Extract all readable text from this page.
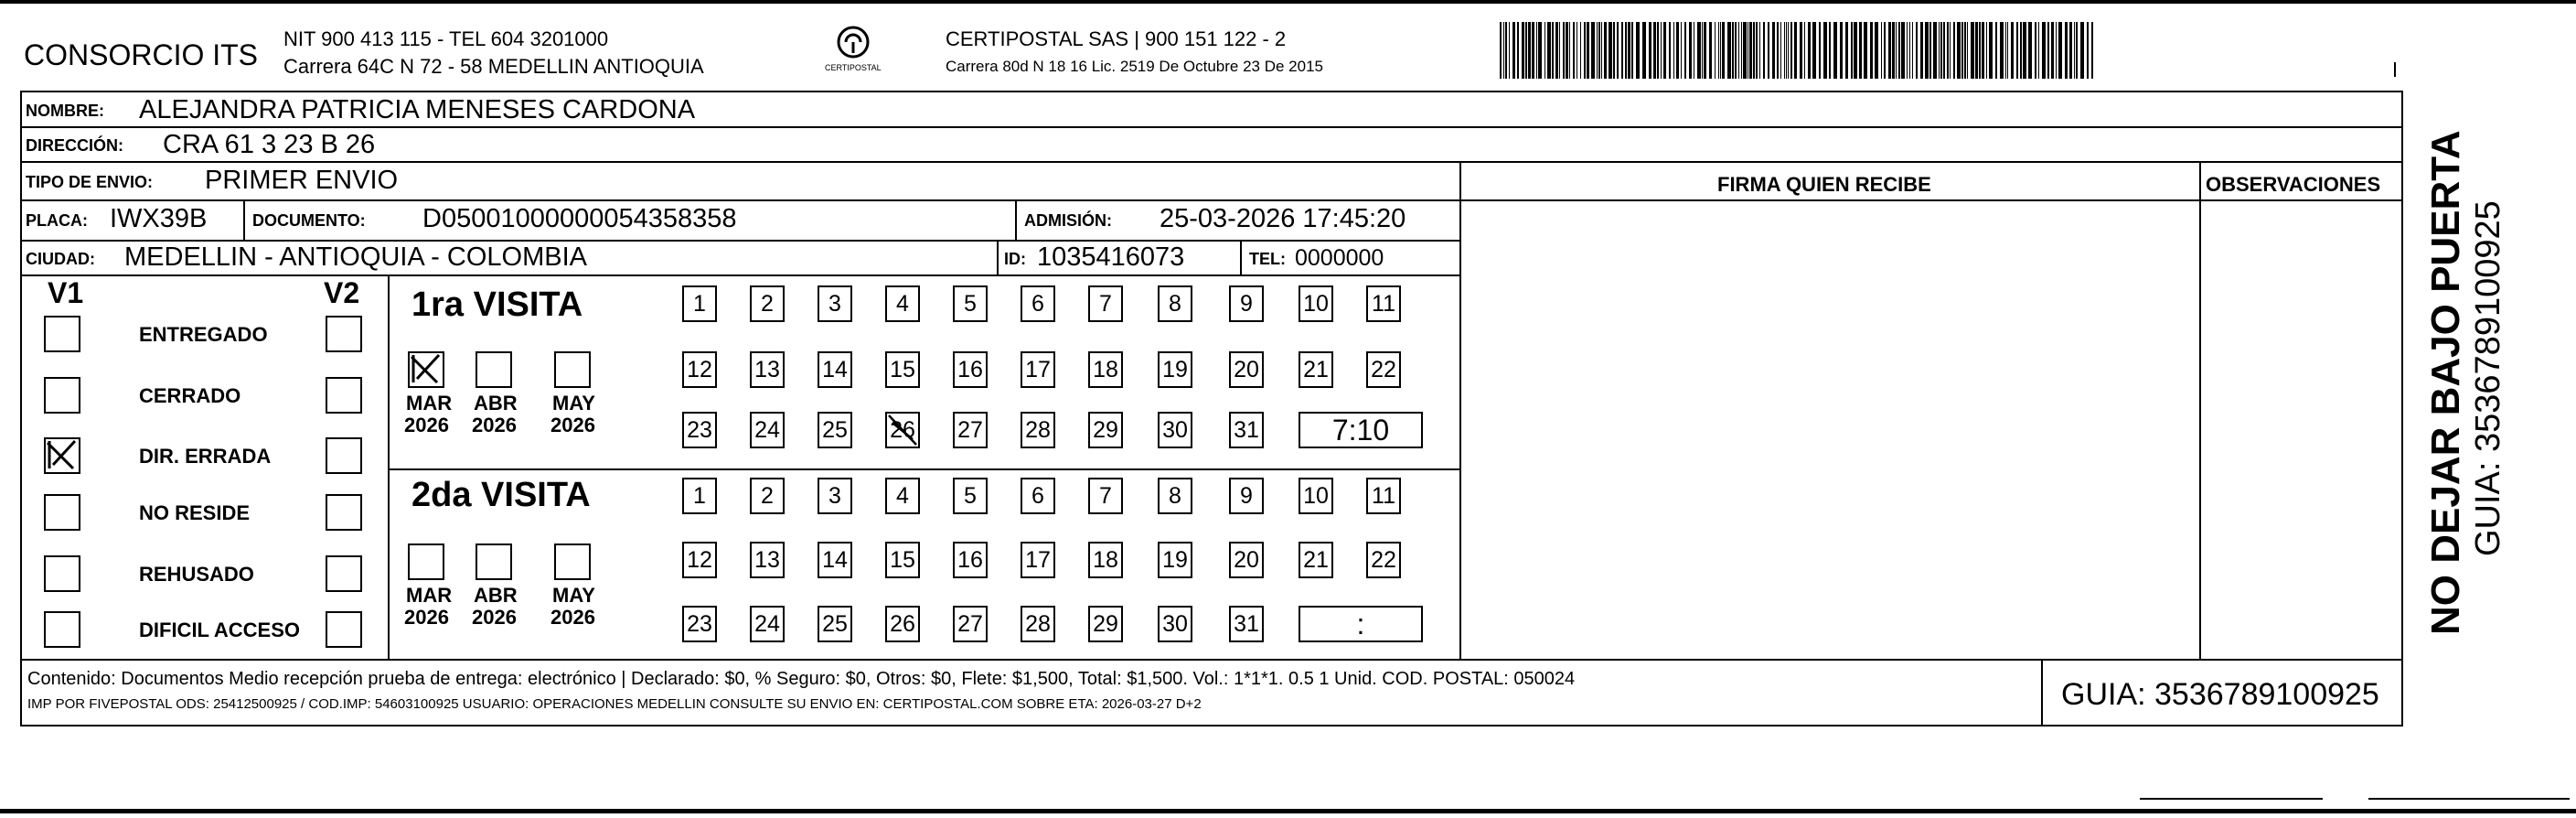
CONSORCIO ITS NIT 900 413 115 - TEL 604 3201000
Carrera 64C N 72 - 58 MEDELLIN ANTIOQUIA	CERTIPOSTAL
CERTIPOSTAL SAS | 900 151 122 - 2
Carrera 80d N 18 16 Lic. 2519 De Octubre 23 De 2015
NOMBRE: ALEJANDRA PATRICIA MENESES CARDONA
DIRECCIÓN: CRA 61 3 23 B 26
TIPO DE ENVIO: PRIMER ENVIO	FIRMA QUIEN RECIBE	OBSERVACIONES
PLACA: IWX39B	DOCUMENTO: D05001000000054358358	ADMISIÓN: 25-03-2026 17:45:20
CIUDAD: MEDELLIN - ANTIOQUIA - COLOMBIA	ID: 1035416073	TEL: 0000000
V1	V2
ENTREGADO
CERRADO
DIR. ERRADA
NO RESIDE
REHUSADO
DIFICIL ACCESO
1ra VISITA
2da VISITA
MAR
2026
ABR
2026
MAY
2026
MAR
2026
ABR
2026
MAY
2026
1	2	3	4	5	6	7	8	9	10 11
12 13 14 15 16 17 18 19 20 21 22
23 24 25 26 27 28 29 30 31	7:10
1	2	3	4	5	6	7	8	9	10 11
12 13 14 15 16 17 18 19 20 21 22
23 24 25 26 27 28 29 30 31	:
Contenido: Documentos Medio recepción prueba de entrega: electrónico | Declarado: $0, % Seguro: $0, Otros: $0, Flete: $1,500, Total: $1,500. Vol.: 1*1*1. 0.5 1 Unid. COD. POSTAL: 050024
IMP POR FIVEPOSTAL ODS: 25412500925 / COD.IMP: 54603100925 USUARIO: OPERACIONES MEDELLIN CONSULTE SU ENVIO EN: CERTIPOSTAL.COM SOBRE ETA: 2026-03-27 D+2	GUIA: 3536789100925
NO DEJAR BAJO PUERTA GUIA: 3536789100925
